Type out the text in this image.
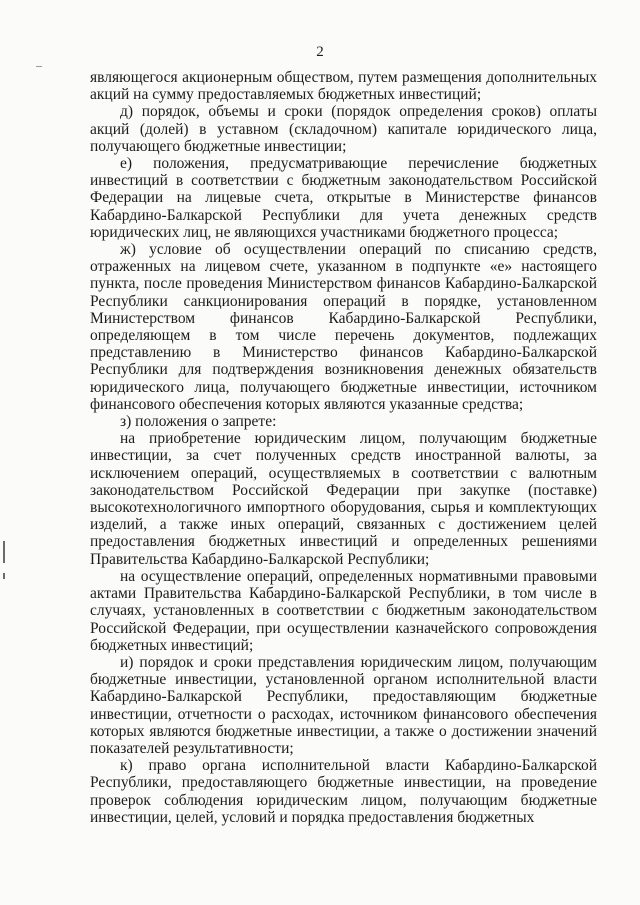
2

являющегося акционерным обществом, путем размещения дополнительных акций на сумму предоставляемых бюджетных инвестиций;

д) порядок, объемы и сроки (порядок определения сроков) оплаты акций (долей) в уставном (складочном) капитале юридического лица, получающего бюджетные инвестиции;

е) положения, предусматривающие перечисление бюджетных инвестиций в соответствии с бюджетным законодательством Российской Федерации на лицевые счета, открытые в Министерстве финансов Кабардино-Балкарской Республики для учета денежных средств юридических лиц, не являющихся участниками бюджетного процесса;

ж) условие об осуществлении операций по списанию средств, отраженных на лицевом счете, указанном в подпункте «е» настоящего пункта, после проведения Министерством финансов Кабардино-Балкарской Республики санкционирования операций в порядке, установленном Министерством финансов Кабардино-Балкарской Республики, определяющем в том числе перечень документов, подлежащих представлению в Министерство финансов Кабардино-Балкарской Республики для подтверждения возникновения денежных обязательств юридического лица, получающего бюджетные инвестиции, источником финансового обеспечения которых являются указанные средства;

з) положения о запрете:

на приобретение юридическим лицом, получающим бюджетные инвестиции, за счет полученных средств иностранной валюты, за исключением операций, осуществляемых в соответствии с валютным законодательством Российской Федерации при закупке (поставке) высокотехнологичного импортного оборудования, сырья и комплектующих изделий, а также иных операций, связанных с достижением целей предоставления бюджетных инвестиций и определенных решениями Правительства Кабардино-Балкарской Республики;

на осуществление операций, определенных нормативными правовыми актами Правительства Кабардино-Балкарской Республики, в том числе в случаях, установленных в соответствии с бюджетным законодательством Российской Федерации, при осуществлении казначейского сопровождения бюджетных инвестиций;

и) порядок и сроки представления юридическим лицом, получающим бюджетные инвестиции, установленной органом исполнительной власти Кабардино-Балкарской Республики, предоставляющим бюджетные инвестиции, отчетности о расходах, источником финансового обеспечения которых являются бюджетные инвестиции, а также о достижении значений показателей результативности;

к) право органа исполнительной власти Кабардино-Балкарской Республики, предоставляющего бюджетные инвестиции, на проведение проверок соблюдения юридическим лицом, получающим бюджетные инвестиции, целей, условий и порядка предоставления бюджетных
